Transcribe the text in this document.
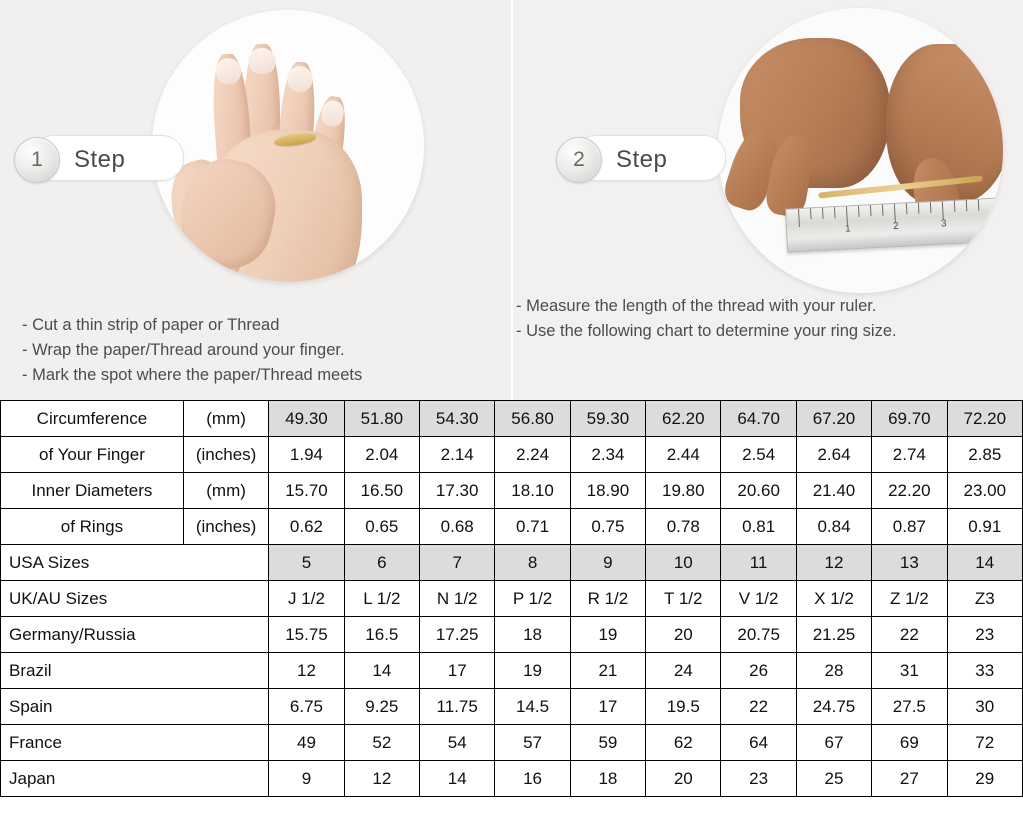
1	Step
- Cut a thin strip of paper or Thread
- Wrap the paper/Thread around your finger.
- Mark the spot where the paper/Thread meets
2	Step
- Measure the length of the thread with your ruler.
- Use the following chart to determine your ring size.
1	2	3
Circumference	(mm)	49.30	51.80	54.30	56.80	59.30	62.20	64.70	67.20	69.70	72.20
of Your Finger	(inches)	1.94	2.04	2.14	2.24	2.34	2.44	2.54	2.64	2.74	2.85
Inner Diameters	(mm)	15.70	16.50	17.30	18.10	18.90	19.80	20.60	21.40	22.20	23.00
of Rings	(inches)	0.62	0.65	0.68	0.71	0.75	0.78	0.81	0.84	0.87	0.91
USA Sizes		5	6	7	8	9	10	11	12	13	14
UK/AU Sizes		J 1/2	L 1/2	N 1/2	P 1/2	R 1/2	T 1/2	V 1/2	X 1/2	Z 1/2	Z3
Germany/Russia		15.75	16.5	17.25	18	19	20	20.75	21.25	22	23
Brazil		12	14	17	19	21	24	26	28	31	33
Spain		6.75	9.25	11.75	14.5	17	19.5	22	24.75	27.5	30
France		49	52	54	57	59	62	64	67	69	72
Japan		9	12	14	16	18	20	23	25	27	29
